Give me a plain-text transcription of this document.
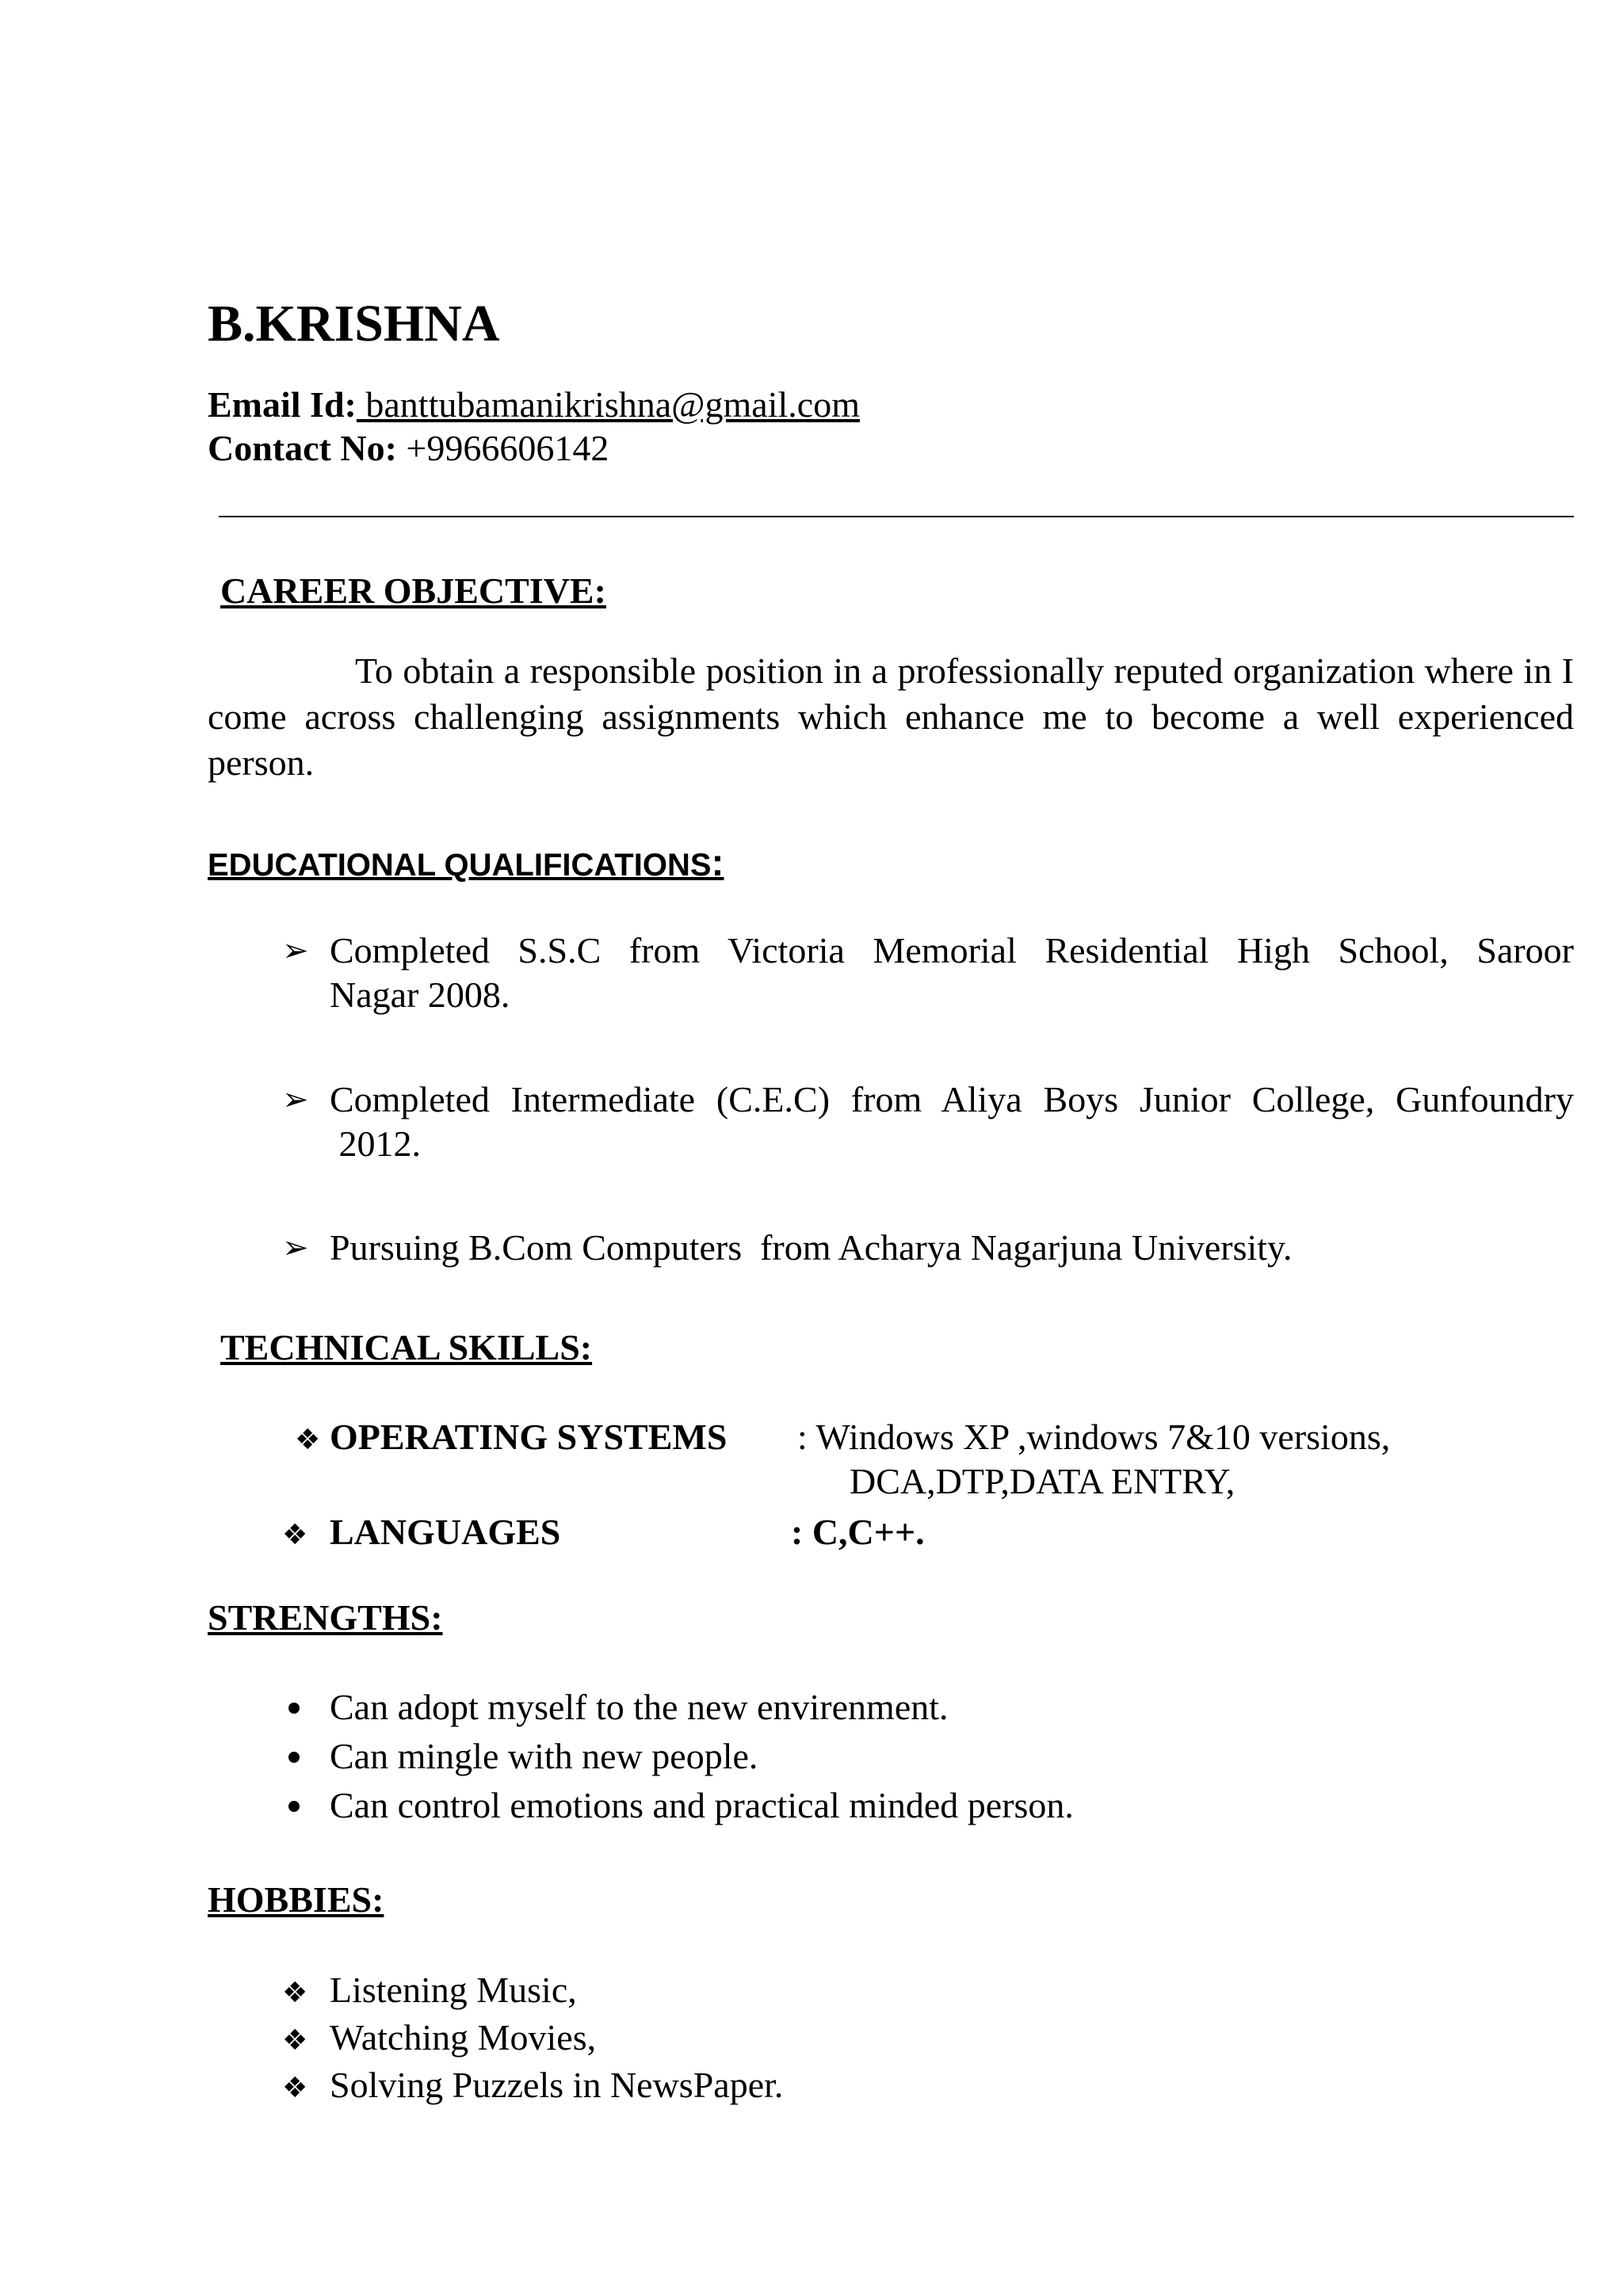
B.KRISHNA
Email Id: banttubamanikrishna@gmail.com
Contact No: +9966606142
CAREER OBJECTIVE:
To obtain a responsible position in a professionally reputed organization where in I come across challenging assignments which enhance me to become a well experienced person.
EDUCATIONAL QUALIFICATIONS:
➢ Completed S.S.C from Victoria Memorial Residential High School, Saroor
Nagar 2008.
➢ Completed Intermediate (C.E.C) from Aliya Boys Junior College, Gunfoundry
2012.
➢ Pursuing B.Com Computers  from Acharya Nagarjuna University.
TECHNICAL SKILLS:
❖ OPERATING SYSTEMS : Windows XP ,windows 7&10 versions,
DCA,DTP,DATA ENTRY,
❖ LANGUAGES	: C,C++.
STRENGTHS:
Can adopt myself to the new envirenment.
Can mingle with new people.
Can control emotions and practical minded person.
HOBBIES:
❖ Listening Music,
❖ Watching Movies,
❖ Solving Puzzels in NewsPaper.
